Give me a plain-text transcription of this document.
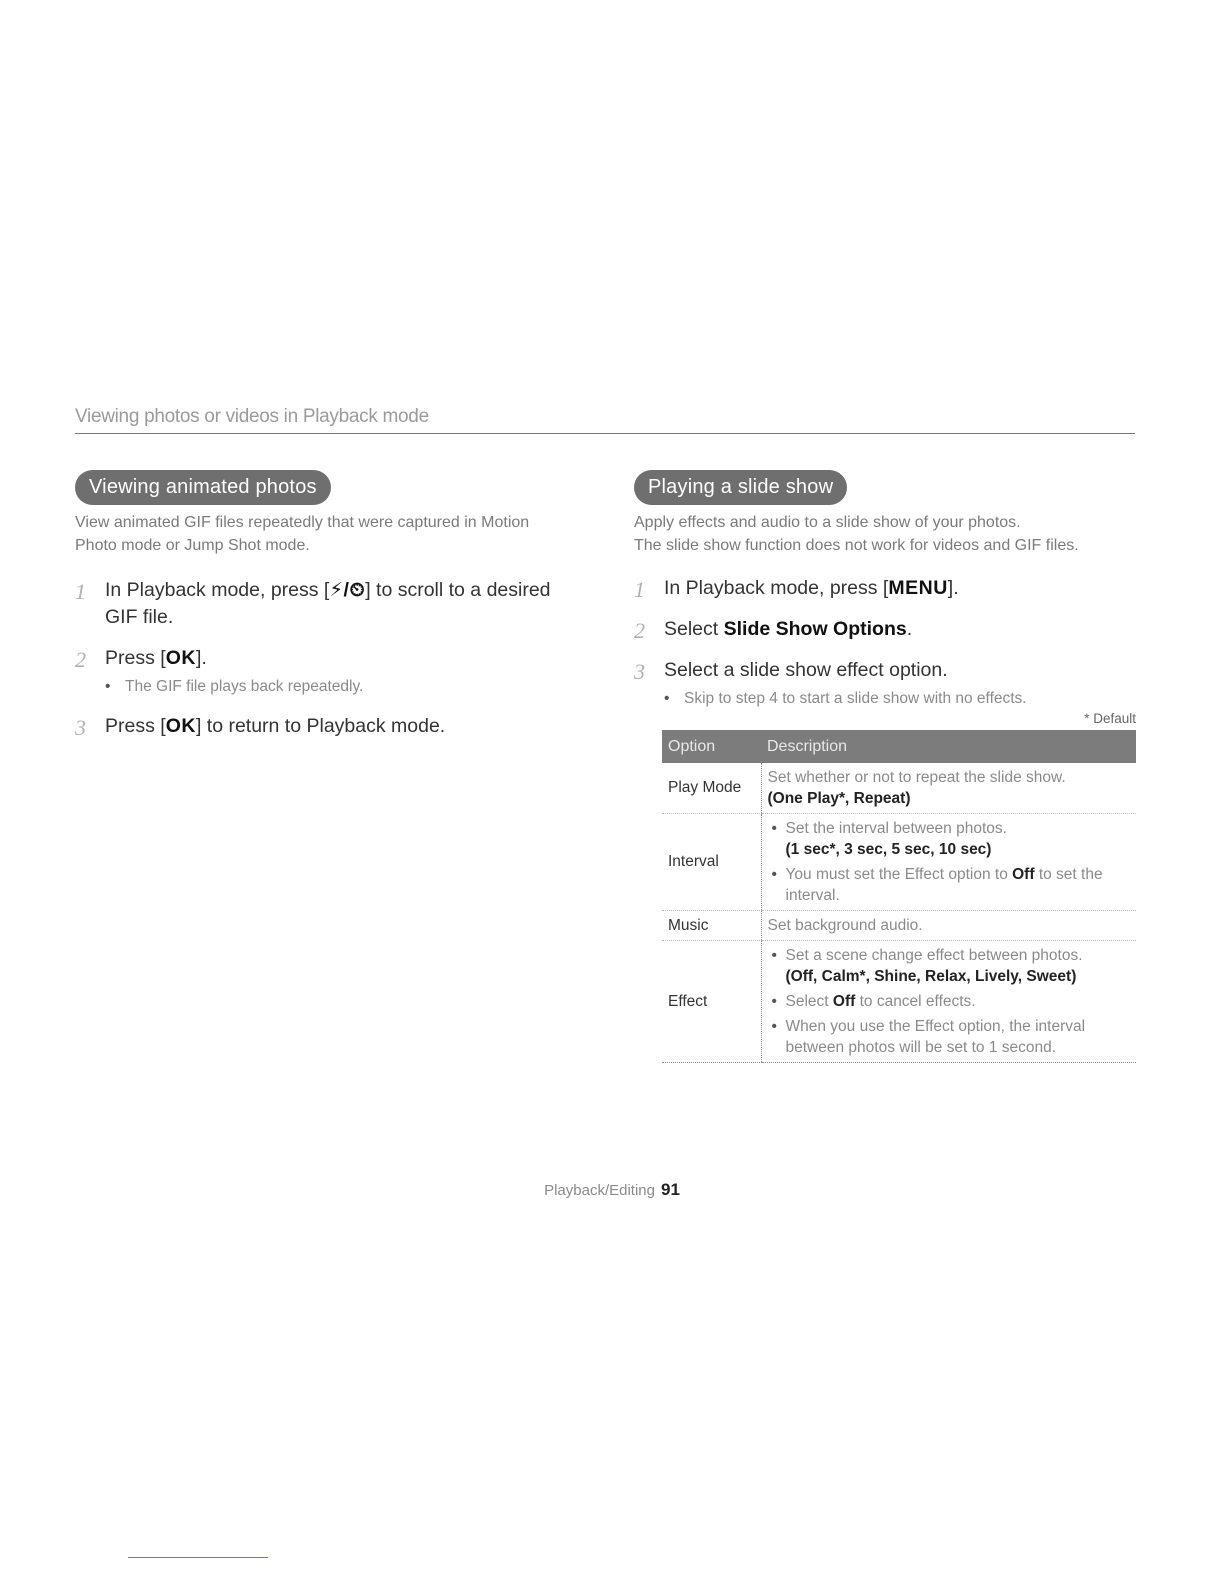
Viewing photos or videos in Playback mode
Viewing animated photos
View animated GIF files repeatedly that were captured in Motion Photo mode or Jump Shot mode.
1 In Playback mode, press [⚡/⏲] to scroll to a desired GIF file.
2 Press [OK].
• The GIF file plays back repeatedly.
3 Press [OK] to return to Playback mode.
Playing a slide show
Apply effects and audio to a slide show of your photos.
The slide show function does not work for videos and GIF files.
1 In Playback mode, press [MENU].
2 Select Slide Show Options.
3 Select a slide show effect option.
• Skip to step 4 to start a slide show with no effects.
* Default
Option	Description
Play Mode	Set whether or not to repeat the slide show.
(One Play*, Repeat)

Interval	• Set the interval between photos.
(1 sec*, 3 sec, 5 sec, 10 sec)
• You must set the Effect option to Off to set the interval.

Music	Set background audio.

Effect	• Set a scene change effect between photos.
(Off, Calm*, Shine, Relax, Lively, Sweet)
• Select Off to cancel effects.
• When you use the Effect option, the interval between photos will be set to 1 second.
Playback/Editing 91
